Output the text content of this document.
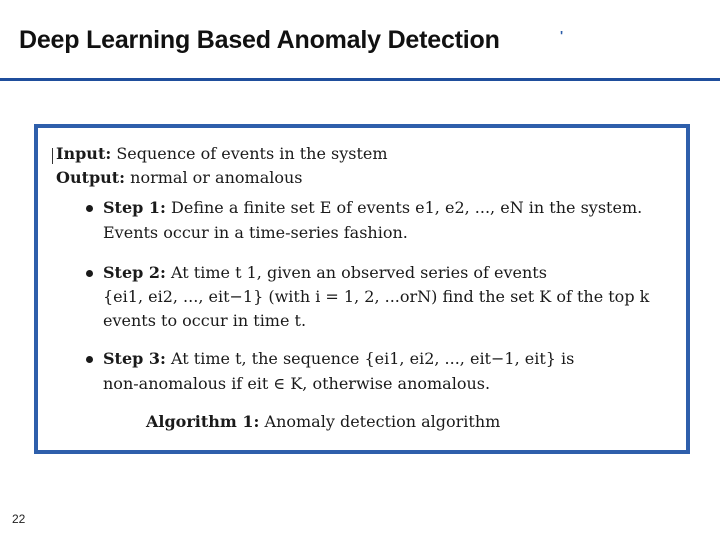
Deep Learning Based Anomaly Detection	'
Input: Sequence of events in the system
Output: normal or anomalous
Step 1: Define a finite set E of events e1, e2, ..., eN in the system.
Events occur in a time-series fashion.
Step 2: At time t 1, given an observed series of events
{ei1, ei2, ..., eit−1} (with i = 1, 2, ...orN) find the set K of the top k
events to occur in time t.
Step 3: At time t, the sequence {ei1, ei2, ..., eit−1, eit} is
non-anomalous if eit ∈ K, otherwise anomalous.
Algorithm 1: Anomaly detection algorithm
22
